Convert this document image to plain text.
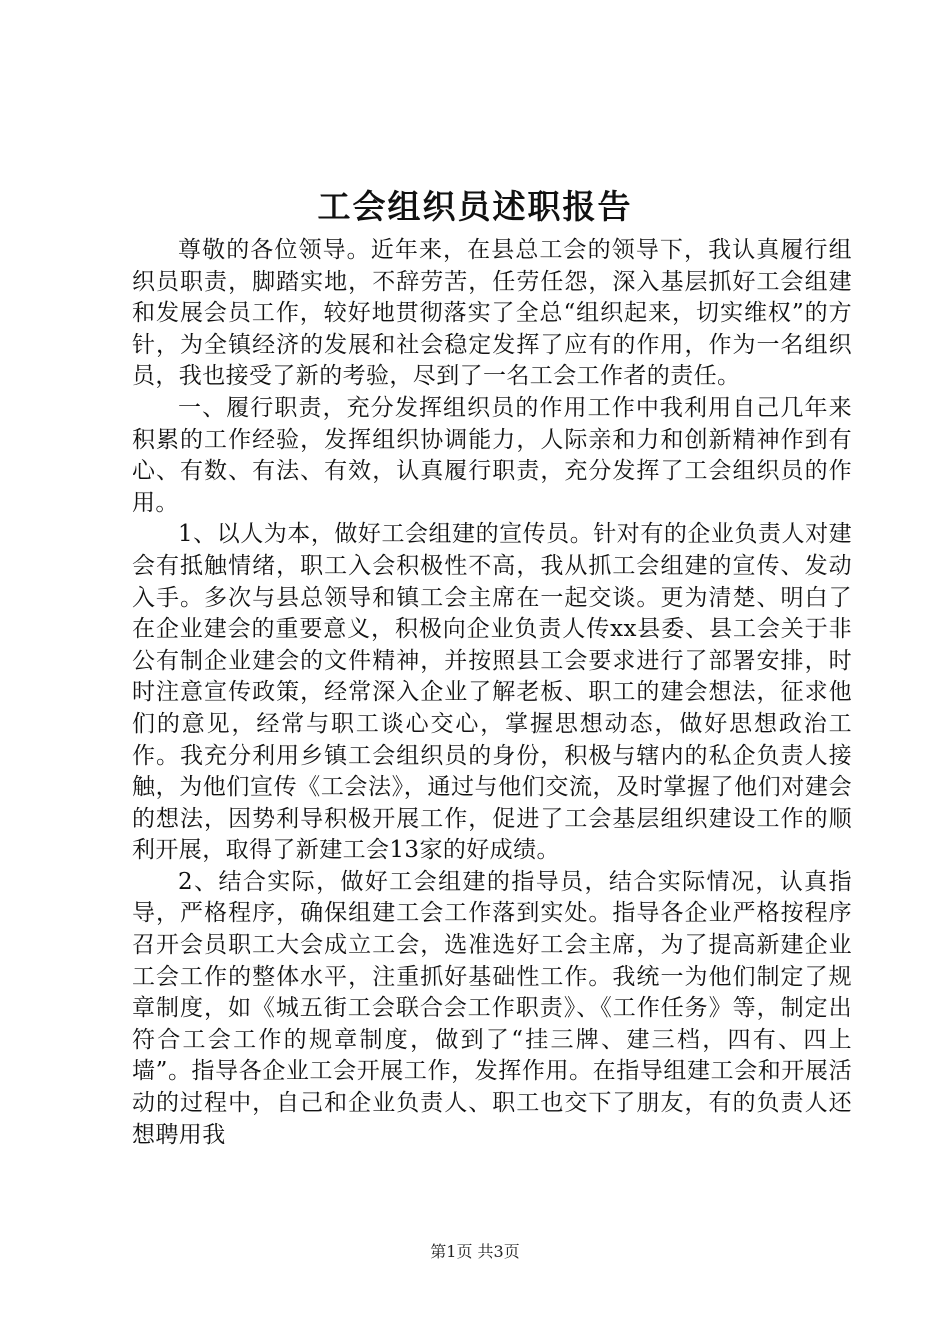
工会组织员述职报告

尊敬的各位领导。近年来，在县总工会的领导下，我认真履行组织员职责，脚踏实地，不辞劳苦，任劳任怨，深入基层抓好工会组建和发展会员工作，较好地贯彻落实了全总“组织起来，切实维权”的方针，为全镇经济的发展和社会稳定发挥了应有的作用，作为一名组织员，我也接受了新的考验，尽到了一名工会工作者的责任。

一、履行职责，充分发挥组织员的作用工作中我利用自己几年来积累的工作经验，发挥组织协调能力，人际亲和力和创新精神作到有心、有数、有法、有效，认真履行职责，充分发挥了工会组织员的作用。

1、以人为本，做好工会组建的宣传员。针对有的企业负责人对建会有抵触情绪，职工入会积极性不高，我从抓工会组建的宣传、发动入手。多次与县总领导和镇工会主席在一起交谈。更为清楚、明白了在企业建会的重要意义，积极向企业负责人传xx县委、县工会关于非公有制企业建会的文件精神，并按照县工会要求进行了部署安排，时时注意宣传政策，经常深入企业了解老板、职工的建会想法，征求他们的意见，经常与职工谈心交心，掌握思想动态，做好思想政治工作。我充分利用乡镇工会组织员的身份，积极与辖内的私企负责人接触，为他们宣传《工会法》，通过与他们交流，及时掌握了他们对建会的想法，因势利导积极开展工作，促进了工会基层组织建设工作的顺利开展，取得了新建工会13家的好成绩。

2、结合实际，做好工会组建的指导员，结合实际情况，认真指导，严格程序，确保组建工会工作落到实处。指导各企业严格按程序召开会员职工大会成立工会，选准选好工会主席，为了提高新建企业工会工作的整体水平，注重抓好基础性工作。我统一为他们制定了规章制度，如《城五街工会联合会工作职责》、《工作任务》等，制定出符合工会工作的规章制度，做到了“挂三牌、建三档，四有、四上墙”。指导各企业工会开展工作，发挥作用。在指导组建工会和开展活动的过程中，自己和企业负责人、职工也交下了朋友，有的负责人还想聘用我

第1页 共3页
